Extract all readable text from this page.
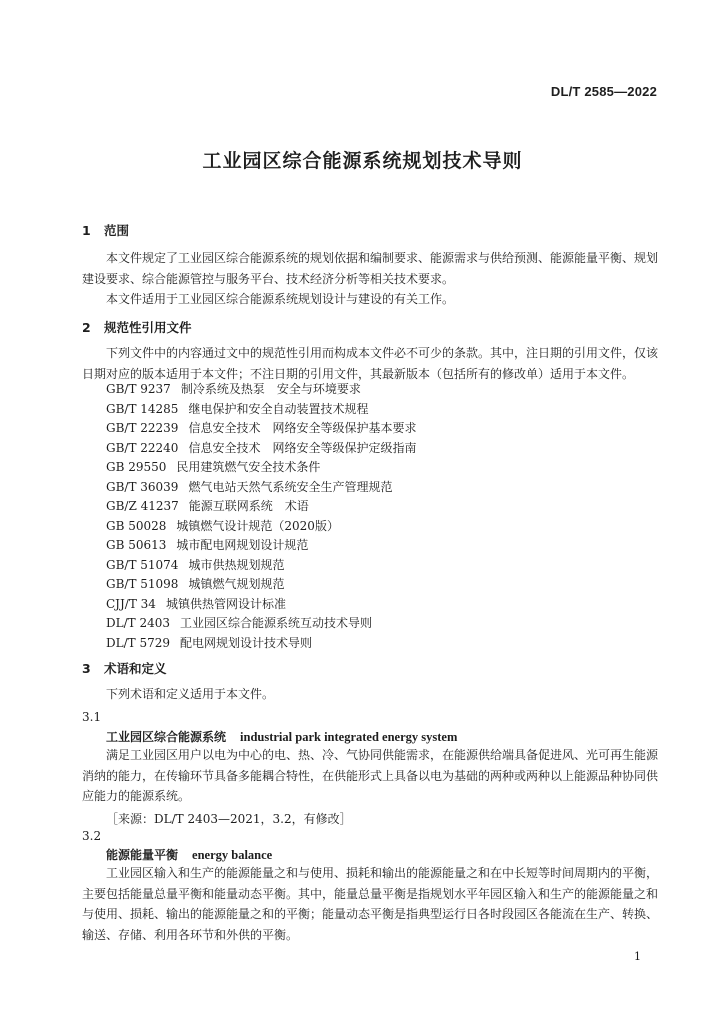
DL/T 2585—2022
工业园区综合能源系统规划技术导则
1 范围

本文件规定了工业园区综合能源系统的规划依据和编制要求、能源需求与供给预测、能源能量平衡、规划建设要求、综合能源管控与服务平台、技术经济分析等相关技术要求。

本文件适用于工业园区综合能源系统规划设计与建设的有关工作。

2 规范性引用文件

下列文件中的内容通过文中的规范性引用而构成本文件必不可少的条款。其中，注日期的引用文件，仅该日期对应的版本适用于本文件；不注日期的引用文件，其最新版本（包括所有的修改单）适用于本文件。

GB/T 9237 制冷系统及热泵　安全与环境要求
GB/T 14285 继电保护和安全自动装置技术规程
GB/T 22239 信息安全技术　网络安全等级保护基本要求
GB/T 22240 信息安全技术　网络安全等级保护定级指南
GB 29550 民用建筑燃气安全技术条件
GB/T 36039 燃气电站天然气系统安全生产管理规范
GB/Z 41237 能源互联网系统　术语
GB 50028 城镇燃气设计规范（2020版）
GB 50613 城市配电网规划设计规范
GB/T 51074 城市供热规划规范
GB/T 51098 城镇燃气规划规范
CJJ/T 34 城镇供热管网设计标准
DL/T 2403 工业园区综合能源系统互动技术导则
DL/T 5729 配电网规划设计技术导则
3 术语和定义

下列术语和定义适用于本文件。

3.1
工业园区综合能源系统 industrial park integrated energy system

满足工业园区用户以电为中心的电、热、冷、气协同供能需求，在能源供给端具备促进风、光可再生能源消纳的能力，在传输环节具备多能耦合特性，在供能形式上具备以电为基础的两种或两种以上能源品种协同供应能力的能源系统。

［来源：DL/T 2403—2021，3.2，有修改］
3.2
能源能量平衡 energy balance

工业园区输入和生产的能源能量之和与使用、损耗和输出的能源能量之和在中长短等时间周期内的平衡，主要包括能量总量平衡和能量动态平衡。其中，能量总量平衡是指规划水平年园区输入和生产的能源能量之和与使用、损耗、输出的能源能量之和的平衡；能量动态平衡是指典型运行日各时段园区各能流在生产、转换、输送、存储、利用各环节和外供的平衡。

1
